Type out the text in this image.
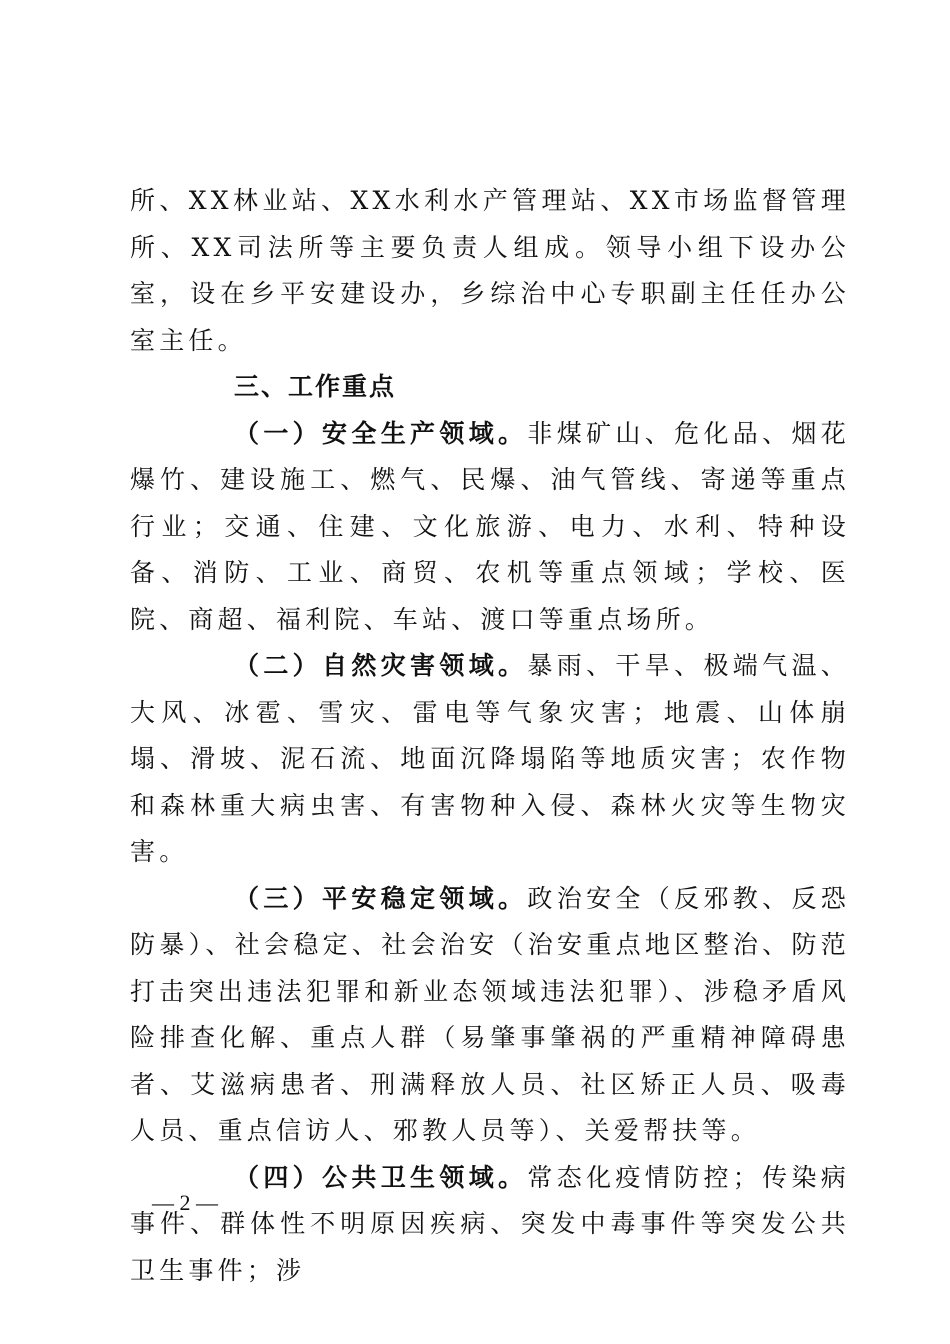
所、XX林业站、XX水利水产管理站、XX市场监督管理所、XX司法所等主要负责人组成。领导小组下设办公室，设在乡平安建设办，乡综治中心专职副主任任办公室主任。

三、工作重点

（一）安全生产领域。非煤矿山、危化品、烟花爆竹、建设施工、燃气、民爆、油气管线、寄递等重点行业；交通、住建、文化旅游、电力、水利、特种设备、消防、工业、商贸、农机等重点领域；学校、医院、商超、福利院、车站、渡口等重点场所。

（二）自然灾害领域。暴雨、干旱、极端气温、大风、冰雹、雪灾、雷电等气象灾害；地震、山体崩塌、滑坡、泥石流、地面沉降塌陷等地质灾害；农作物和森林重大病虫害、有害物种入侵、森林火灾等生物灾害。

（三）平安稳定领域。政治安全（反邪教、反恐防暴）、社会稳定、社会治安（治安重点地区整治、防范打击突出违法犯罪和新业态领域违法犯罪）、涉稳矛盾风险排查化解、重点人群（易肇事肇祸的严重精神障碍患者、艾滋病患者、刑满释放人员、社区矫正人员、吸毒人员、重点信访人、邪教人员等）、关爱帮扶等。

（四）公共卫生领域。常态化疫情防控；传染病事件、群体性不明原因疾病、突发中毒事件等突发公共卫生事件；涉

— 2 —
